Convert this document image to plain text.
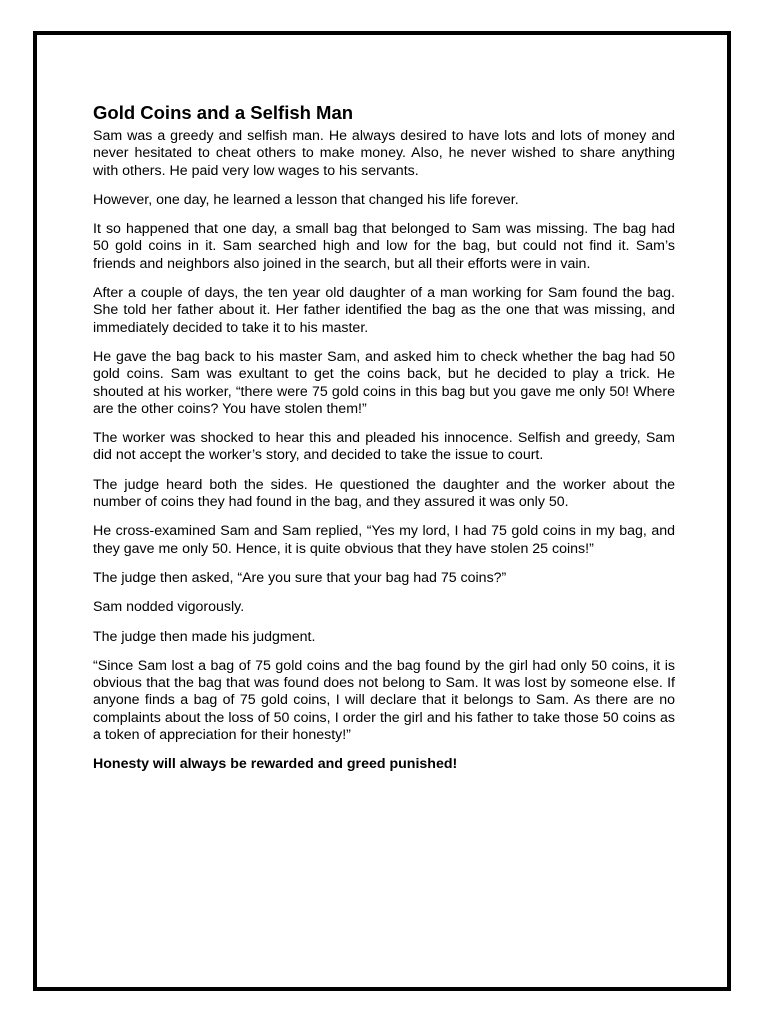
Gold Coins and a Selfish Man

Sam was a greedy and selfish man. He always desired to have lots and lots of money and never hesitated to cheat others to make money. Also, he never wished to share anything with others. He paid very low wages to his servants.

However, one day, he learned a lesson that changed his life forever.

It so happened that one day, a small bag that belonged to Sam was missing. The bag had 50 gold coins in it. Sam searched high and low for the bag, but could not find it. Sam’s friends and neighbors also joined in the search, but all their efforts were in vain.

After a couple of days, the ten year old daughter of a man working for Sam found the bag. She told her father about it. Her father identified the bag as the one that was missing, and immediately decided to take it to his master.

He gave the bag back to his master Sam, and asked him to check whether the bag had 50 gold coins. Sam was exultant to get the coins back, but he decided to play a trick. He shouted at his worker, “there were 75 gold coins in this bag but you gave me only 50! Where are the other coins? You have stolen them!”

The worker was shocked to hear this and pleaded his innocence. Selfish and greedy, Sam did not accept the worker’s story, and decided to take the issue to court.

The judge heard both the sides. He questioned the daughter and the worker about the number of coins they had found in the bag, and they assured it was only 50.

He cross-examined Sam and Sam replied, “Yes my lord, I had 75 gold coins in my bag, and they gave me only 50. Hence, it is quite obvious that they have stolen 25 coins!”

The judge then asked, “Are you sure that your bag had 75 coins?”

Sam nodded vigorously.

The judge then made his judgment.

“Since Sam lost a bag of 75 gold coins and the bag found by the girl had only 50 coins, it is obvious that the bag that was found does not belong to Sam. It was lost by someone else. If anyone finds a bag of 75 gold coins, I will declare that it belongs to Sam. As there are no complaints about the loss of 50 coins, I order the girl and his father to take those 50 coins as a token of appreciation for their honesty!”

Honesty will always be rewarded and greed punished!
